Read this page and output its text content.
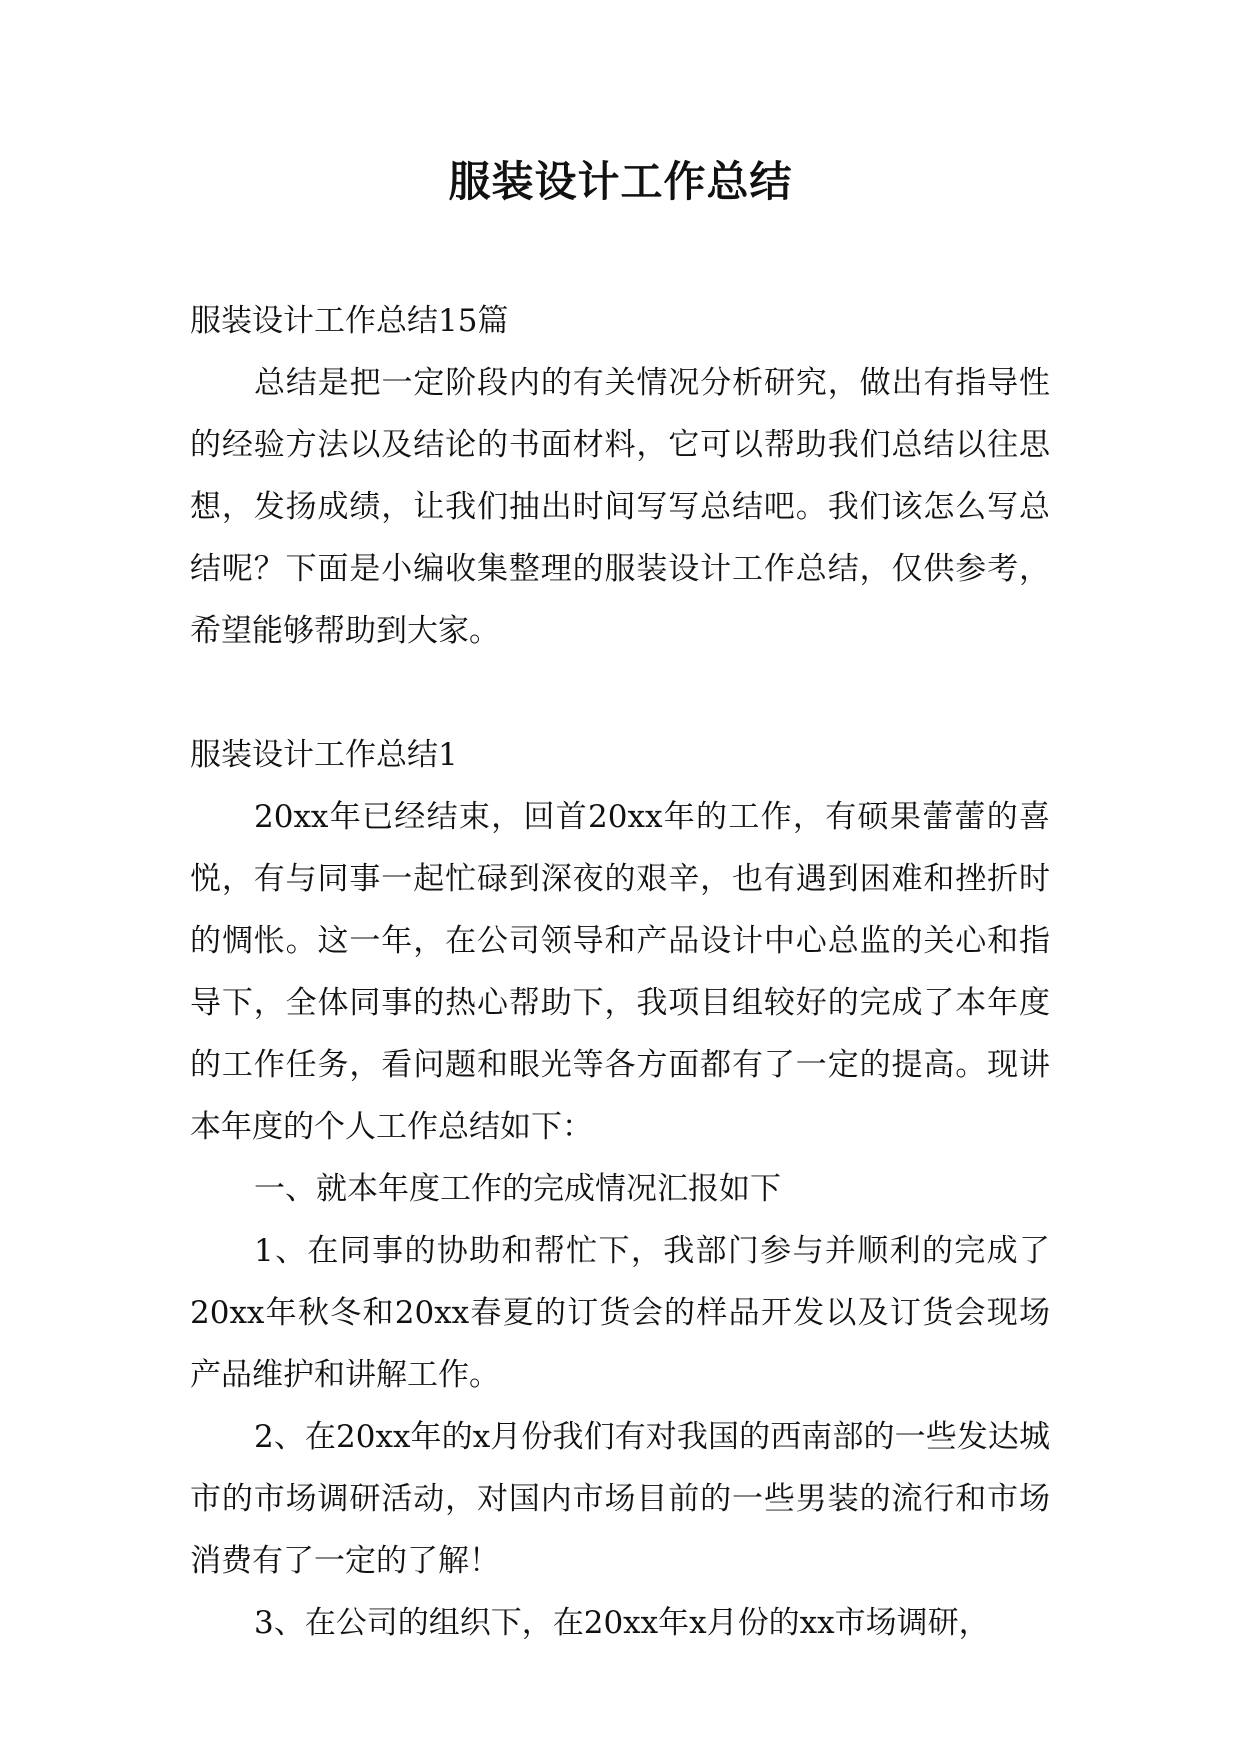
服装设计工作总结

服装设计工作总结15篇

总结是把一定阶段内的有关情况分析研究，做出有指导性的经验方法以及结论的书面材料，它可以帮助我们总结以往思想，发扬成绩，让我们抽出时间写写总结吧。我们该怎么写总结呢？下面是小编收集整理的服装设计工作总结，仅供参考，希望能够帮助到大家。

服装设计工作总结1

20xx年已经结束，回首20xx年的工作，有硕果蕾蕾的喜悦，有与同事一起忙碌到深夜的艰辛，也有遇到困难和挫折时的惆怅。这一年，在公司领导和产品设计中心总监的关心和指导下，全体同事的热心帮助下，我项目组较好的完成了本年度的工作任务，看问题和眼光等各方面都有了一定的提高。现讲本年度的个人工作总结如下：

一、就本年度工作的完成情况汇报如下

1、在同事的协助和帮忙下，我部门参与并顺利的完成了20xx年秋冬和20xx春夏的订货会的样品开发以及订货会现场产品维护和讲解工作。

2、在20xx年的x月份我们有对我国的西南部的一些发达城市的市场调研活动，对国内市场目前的一些男装的流行和市场消费有了一定的了解！

3、在公司的组织下，在20xx年x月份的xx市场调研，
